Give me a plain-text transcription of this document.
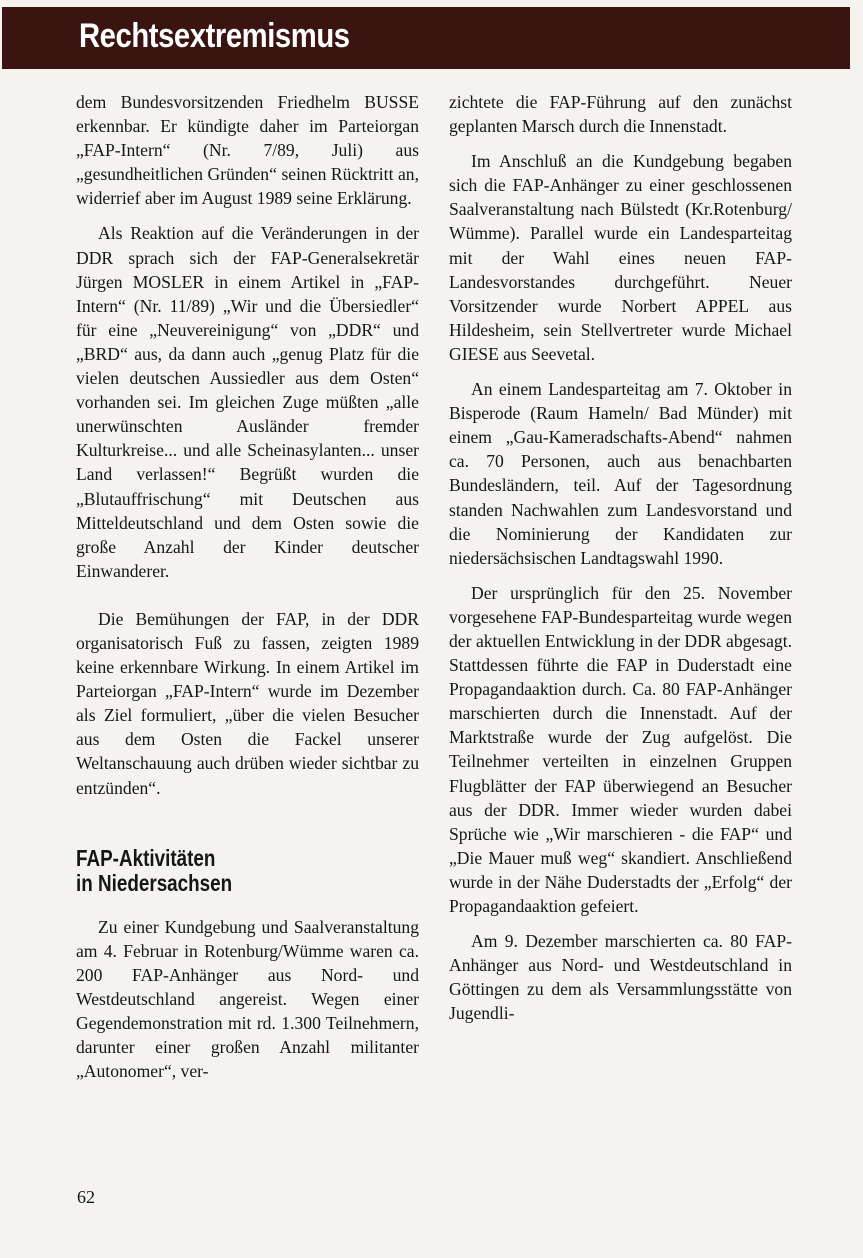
Rechtsextremismus

dem Bundesvorsitzenden Friedhelm BUSSE erkennbar. Er kündigte daher im Parteiorgan „FAP-Intern“ (Nr. 7/89, Juli) aus „gesundheitlichen Gründen“ seinen Rücktritt an, widerrief aber im August 1989 seine Erklärung.

Als Reaktion auf die Veränderungen in der DDR sprach sich der FAP-Generalsekretär Jürgen MOSLER in einem Artikel in „FAP-Intern“ (Nr. 11/89) „Wir und die Übersiedler“ für eine „Neuvereinigung“ von „DDR“ und „BRD“ aus, da dann auch „genug Platz für die vielen deutschen Aussiedler aus dem Osten“ vorhanden sei. Im gleichen Zuge müßten „alle unerwünschten Ausländer fremder Kulturkreise... und alle Scheinasylanten... unser Land verlassen!“ Begrüßt wurden die „Blutauffrischung“ mit Deutschen aus Mitteldeutschland und dem Osten sowie die große Anzahl der Kinder deutscher Einwanderer.

Die Bemühungen der FAP, in der DDR organisatorisch Fuß zu fassen, zeigten 1989 keine erkennbare Wirkung. In einem Artikel im Parteiorgan „FAP-Intern“ wurde im Dezember als Ziel formuliert, „über die vielen Besucher aus dem Osten die Fackel unserer Weltanschauung auch drüben wieder sichtbar zu entzünden“.

FAP-Aktivitäten
in Niedersachsen

Zu einer Kundgebung und Saalveranstaltung am 4. Februar in Rotenburg/Wümme waren ca. 200 FAP-Anhänger aus Nord- und Westdeutschland angereist. Wegen einer Gegendemonstration mit rd. 1.300 Teilnehmern, darunter einer großen Anzahl militanter „Autonomer“, ver-

zichtete die FAP-Führung auf den zunächst geplanten Marsch durch die Innenstadt.

Im Anschluß an die Kundgebung begaben sich die FAP-Anhänger zu einer geschlossenen Saalveranstaltung nach Bülstedt (Kr.Rotenburg/ Wümme). Parallel wurde ein Landesparteitag mit der Wahl eines neuen FAP-Landesvorstandes durchgeführt. Neuer Vorsitzender wurde Norbert APPEL aus Hildesheim, sein Stellvertreter wurde Michael GIESE aus Seevetal.

An einem Landesparteitag am 7. Oktober in Bisperode (Raum Hameln/ Bad Münder) mit einem „Gau-Kameradschafts-Abend“ nahmen ca. 70 Personen, auch aus benachbarten Bundesländern, teil. Auf der Tagesordnung standen Nachwahlen zum Landesvorstand und die Nominierung der Kandidaten zur niedersächsischen Landtagswahl 1990.

Der ursprünglich für den 25. November vorgesehene FAP-Bundesparteitag wurde wegen der aktuellen Entwicklung in der DDR abgesagt. Stattdessen führte die FAP in Duderstadt eine Propagandaaktion durch. Ca. 80 FAP-Anhänger marschierten durch die Innenstadt. Auf der Marktstraße wurde der Zug aufgelöst. Die Teilnehmer verteilten in einzelnen Gruppen Flugblätter der FAP überwiegend an Besucher aus der DDR. Immer wieder wurden dabei Sprüche wie „Wir marschieren - die FAP“ und „Die Mauer muß weg“ skandiert. Anschließend wurde in der Nähe Duderstadts der „Erfolg“ der Propagandaaktion gefeiert.

Am 9. Dezember marschierten ca. 80 FAP-Anhänger aus Nord- und Westdeutschland in Göttingen zu dem als Versammlungsstätte von Jugendli-

62
